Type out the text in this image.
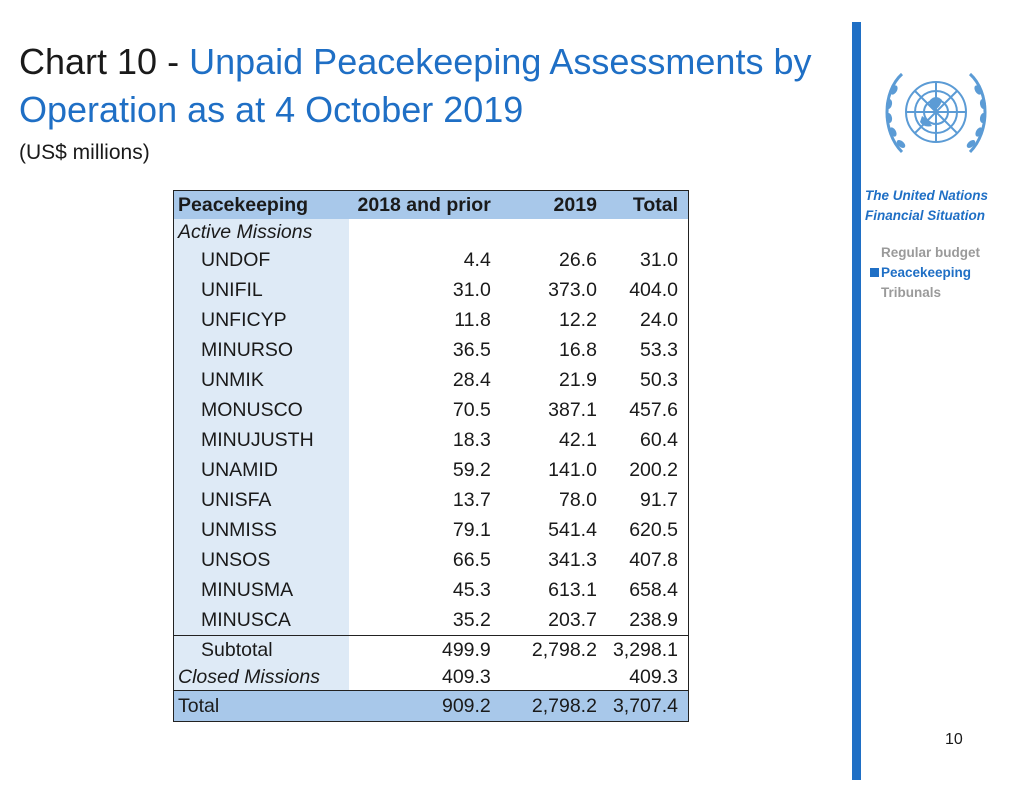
Chart 10 - Unpaid Peacekeeping Assessments by
Operation as at 4 October 2019
(US$ millions)
The United Nations
Financial Situation
Regular budget
Peacekeeping
Tribunals
Peacekeeping	2018 and prior	2019	Total
Active Missions			
UNDOF	4.4	26.6	31.0
UNIFIL	31.0	373.0	404.0
UNFICYP	11.8	12.2	24.0
MINURSO	36.5	16.8	53.3
UNMIK	28.4	21.9	50.3
MONUSCO	70.5	387.1	457.6
MINUJUSTH	18.3	42.1	60.4
UNAMID	59.2	141.0	200.2
UNISFA	13.7	78.0	91.7
UNMISS	79.1	541.4	620.5
UNSOS	66.5	341.3	407.8
MINUSMA	45.3	613.1	658.4
MINUSCA	35.2	203.7	238.9
Subtotal	499.9	2,798.2	3,298.1
Closed Missions	409.3		409.3
Total	909.2	2,798.2	3,707.4
10
